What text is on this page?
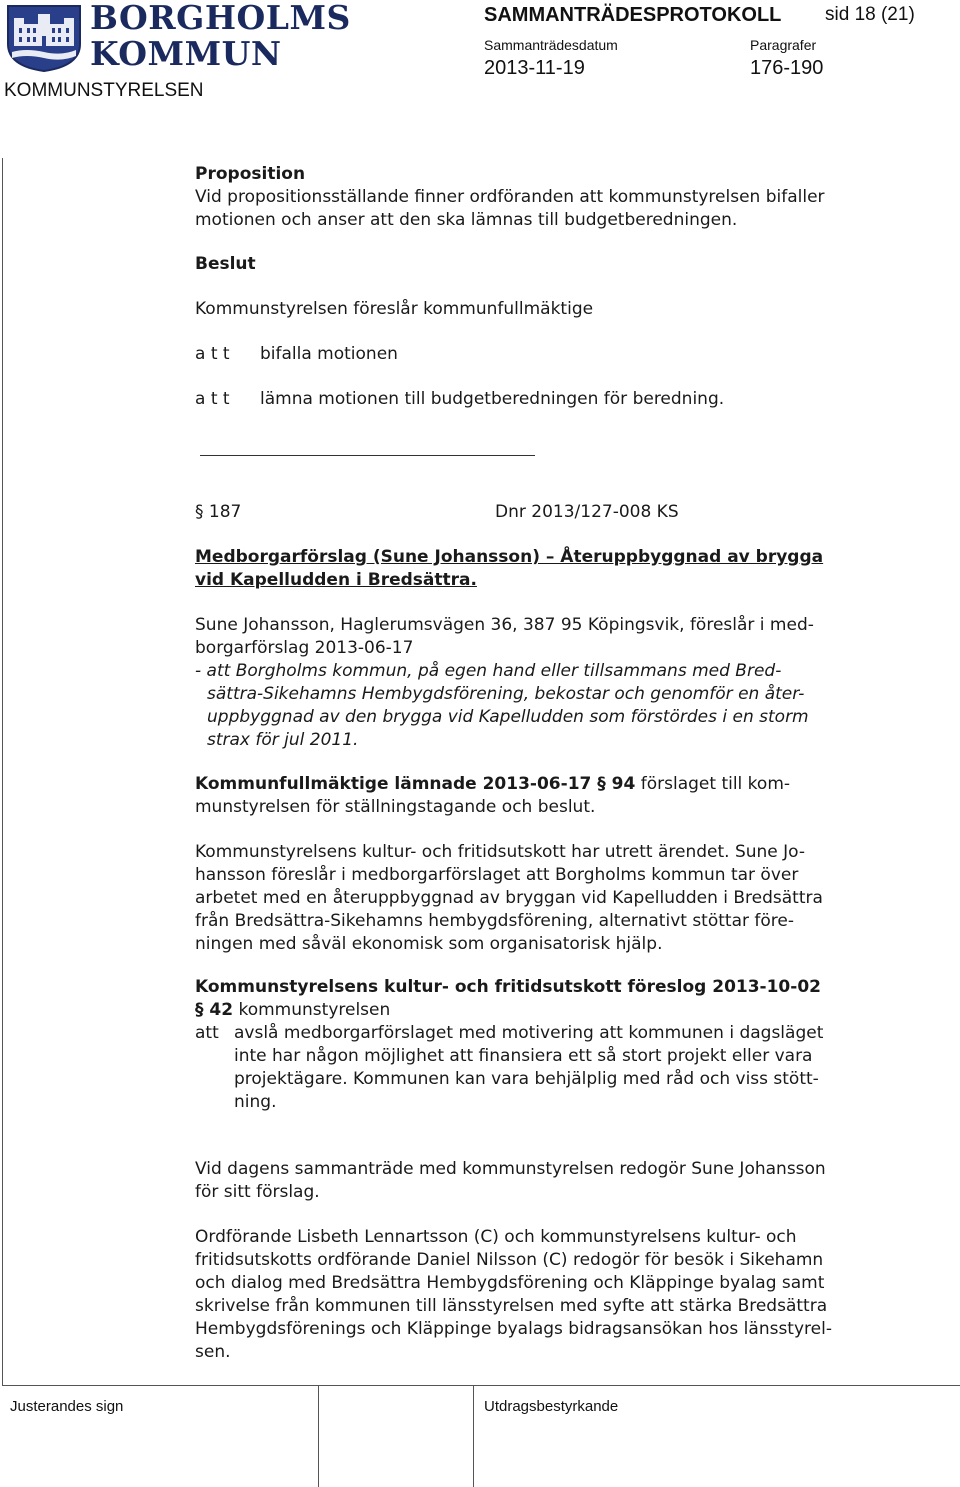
BORGHOLMS
KOMMUN
KOMMUNSTYRELSEN
SAMMANTRÄDESPROTOKOLL sid 18 (21)
Sammanträdesdatum	Paragrafer
2013-11-19	176-190
Proposition
Vid propositionsställande finner ordföranden att kommunstyrelsen bifaller
motionen och anser att den ska lämnas till budgetberedningen.
Beslut
Kommunstyrelsen föreslår kommunfullmäktige
a t t bifalla motionen
a t t lämna motionen till budgetberedningen för beredning.
§ 187	Dnr 2013/127-008 KS
Medborgarförslag (Sune Johansson) – Återuppbyggnad av brygga
vid Kapelludden i Bredsättra.
Sune Johansson, Haglerumsvägen 36, 387 95 Köpingsvik, föreslår i med-
borgarförslag 2013-06-17
- att Borgholms kommun, på egen hand eller tillsammans med Bred-
sättra-Sikehamns Hembygdsförening, bekostar och genomför en åter-
uppbyggnad av den brygga vid Kapelludden som förstördes i en storm
strax för jul 2011.
Kommunfullmäktige lämnade 2013-06-17 § 94 förslaget till kom-
munstyrelsen för ställningstagande och beslut.
Kommunstyrelsens kultur- och fritidsutskott har utrett ärendet. Sune Jo-
hansson föreslår i medborgarförslaget att Borgholms kommun tar över
arbetet med en återuppbyggnad av bryggan vid Kapelludden i Bredsättra
från Bredsättra-Sikehamns hembygdsförening, alternativt stöttar före-
ningen med såväl ekonomisk som organisatorisk hjälp.
Kommunstyrelsens kultur- och fritidsutskott föreslog 2013-10-02
§ 42 kommunstyrelsen
att avslå medborgarförslaget med motivering att kommunen i dagsläget
inte har någon möjlighet att finansiera ett så stort projekt eller vara
projektägare. Kommunen kan vara behjälplig med råd och viss stött-
ning.
Vid dagens sammanträde med kommunstyrelsen redogör Sune Johansson
för sitt förslag.
Ordförande Lisbeth Lennartsson (C) och kommunstyrelsens kultur- och
fritidsutskotts ordförande Daniel Nilsson (C) redogör för besök i Sikehamn
och dialog med Bredsättra Hembygdsförening och Kläppinge byalag samt
skrivelse från kommunen till länsstyrelsen med syfte att stärka Bredsättra
Hembygdsförenings och Kläppinge byalags bidragsansökan hos länsstyrel-
sen.
Justerandes sign	Utdragsbestyrkande
